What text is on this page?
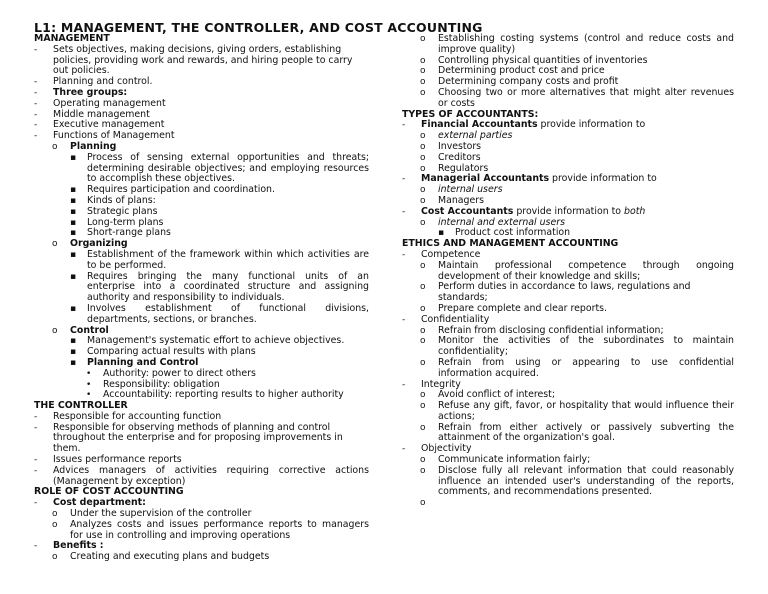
L1: MANAGEMENT, THE CONTROLLER, AND COST ACCOUNTING
MANAGEMENT
- Sets objectives, making decisions, giving orders, establishing policies, providing work and rewards, and hiring people to carry out policies.
- Planning and control.
- Three groups:
- Operating management
- Middle management
- Executive management
- Functions of Management
o Planning
▪ Process of sensing external opportunities and threats; determining desirable objectives; and employing resources to accomplish these objectives.
▪ Requires participation and coordination.
▪ Kinds of plans:
▪ Strategic plans
▪ Long-term plans
▪ Short-range plans
o Organizing
▪ Establishment of the framework within which activities are to be performed.
▪ Requires bringing the many functional units of an enterprise into a coordinated structure and assigning authority and responsibility to individuals.
▪ Involves establishment of functional divisions, departments, sections, or branches.
o Control
▪ Management's systematic effort to achieve objectives.
▪ Comparing actual results with plans
▪ Planning and Control
• Authority: power to direct others
• Responsibility: obligation
• Accountability: reporting results to higher authority
THE CONTROLLER
- Responsible for accounting function
- Responsible for observing methods of planning and control throughout the enterprise and for proposing improvements in them.
- Issues performance reports
- Advices managers of activities requiring corrective actions (Management by exception)
ROLE OF COST ACCOUNTING
- Cost department:
o Under the supervision of the controller
o Analyzes costs and issues performance reports to managers for use in controlling and improving operations
- Benefits :
o Creating and executing plans and budgets
o Establishing costing systems (control and reduce costs and improve quality)
o Controlling physical quantities of inventories
o Determining product cost and price
o Determining company costs and profit
o Choosing two or more alternatives that might alter revenues or costs
TYPES OF ACCOUNTANTS:
- Financial Accountants provide information to
o external parties
o Investors
o Creditors
o Regulators
- Managerial Accountants provide information to
o internal users
o Managers
- Cost Accountants provide information to both
o internal and external users
▪ Product cost information
ETHICS AND MANAGEMENT ACCOUNTING
- Competence
o Maintain professional competence through ongoing development of their knowledge and skills;
o Perform duties in accordance to laws, regulations and standards;
o Prepare complete and clear reports.
- Confidentiality
o Refrain from disclosing confidential information;
o Monitor the activities of the subordinates to maintain confidentiality;
o Refrain from using or appearing to use confidential information acquired.
- Integrity
o Avoid conflict of interest;
o Refuse any gift, favor, or hospitality that would influence their actions;
o Refrain from either actively or passively subverting the attainment of the organization's goal.
- Objectivity
o Communicate information fairly;
o Disclose fully all relevant information that could reasonably influence an intended user's understanding of the reports, comments, and recommendations presented.
o
